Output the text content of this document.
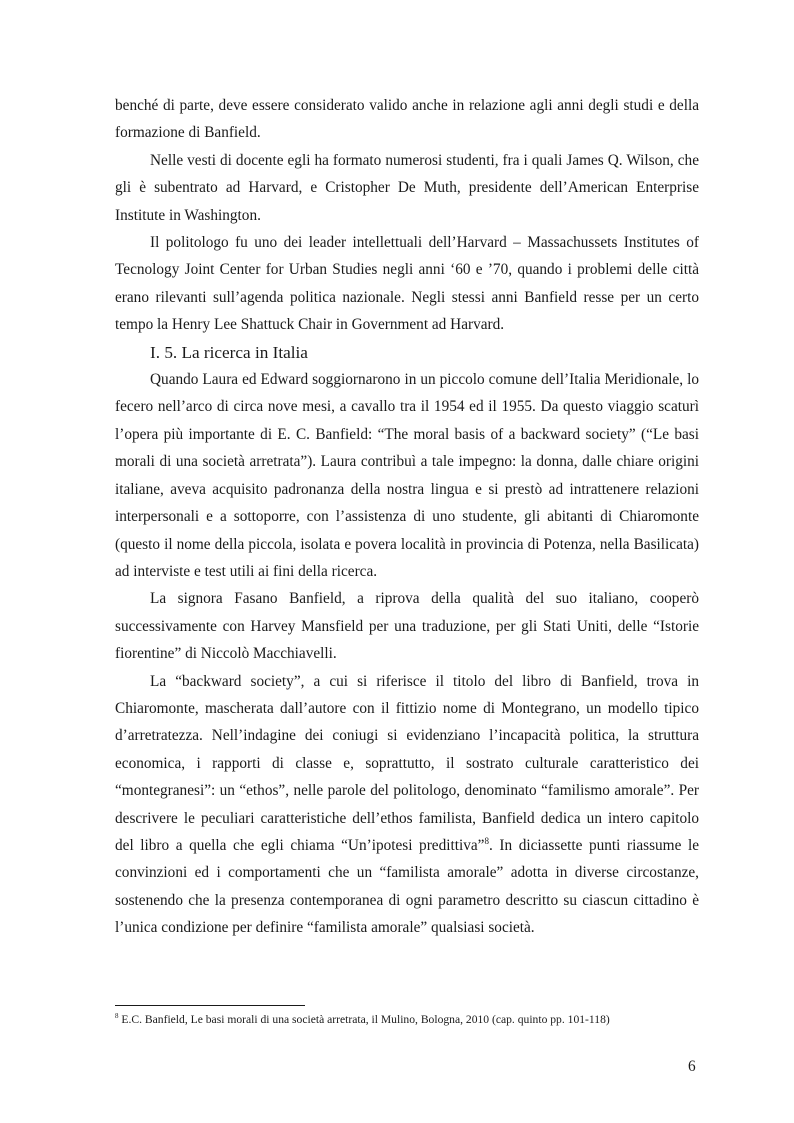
benché di parte, deve essere considerato valido anche in relazione agli anni degli studi e della formazione di Banfield.

Nelle vesti di docente egli ha formato numerosi studenti, fra i quali James Q. Wilson, che gli è subentrato ad Harvard, e Cristopher De Muth, presidente dell’American Enterprise Institute in Washington.

Il politologo fu uno dei leader intellettuali dell’Harvard – Massachussets Institutes of Tecnology Joint Center for Urban Studies negli anni ‘60 e ’70, quando i problemi delle città erano rilevanti sull’agenda politica nazionale. Negli stessi anni Banfield resse per un certo tempo la Henry Lee Shattuck Chair in Government ad Harvard.

I. 5. La ricerca in Italia

Quando Laura ed Edward soggiornarono in un piccolo comune dell’Italia Meridionale, lo fecero nell’arco di circa nove mesi, a cavallo tra il 1954 ed il 1955. Da questo viaggio scaturì l’opera più importante di E. C. Banfield: “The moral basis of a backward society” (“Le basi morali di una società arretrata”). Laura contribuì a tale impegno: la donna, dalle chiare origini italiane, aveva acquisito padronanza della nostra lingua e si prestò ad intrattenere relazioni interpersonali e a sottoporre, con l’assistenza di uno studente, gli abitanti di Chiaromonte (questo il nome della piccola, isolata e povera località in provincia di Potenza, nella Basilicata) ad interviste e test utili ai fini della ricerca.

La signora Fasano Banfield, a riprova della qualità del suo italiano, cooperò successivamente con Harvey Mansfield per una traduzione, per gli Stati Uniti, delle “Istorie fiorentine” di Niccolò Macchiavelli.

La “backward society”, a cui si riferisce il titolo del libro di Banfield, trova in Chiaromonte, mascherata dall’autore con il fittizio nome di Montegrano, un modello tipico d’arretratezza. Nell’indagine dei coniugi si evidenziano l’incapacità politica, la struttura economica, i rapporti di classe e, soprattutto, il sostrato culturale caratteristico dei “montegranesi”: un “ethos”, nelle parole del politologo, denominato “familismo amorale”. Per descrivere le peculiari caratteristiche dell’ethos familista, Banfield dedica un intero capitolo del libro a quella che egli chiama “Un’ipotesi predittiva”$^8$. In diciassette punti riassume le convinzioni ed i comportamenti che un “familista amorale” adotta in diverse circostanze, sostenendo che la presenza contemporanea di ogni parametro descritto su ciascun cittadino è l’unica condizione per definire “familista amorale” qualsiasi società.

$^8$ E.C. Banfield, Le basi morali di una società arretrata, il Mulino, Bologna, 2010 (cap. quinto pp. 101-118)
6
